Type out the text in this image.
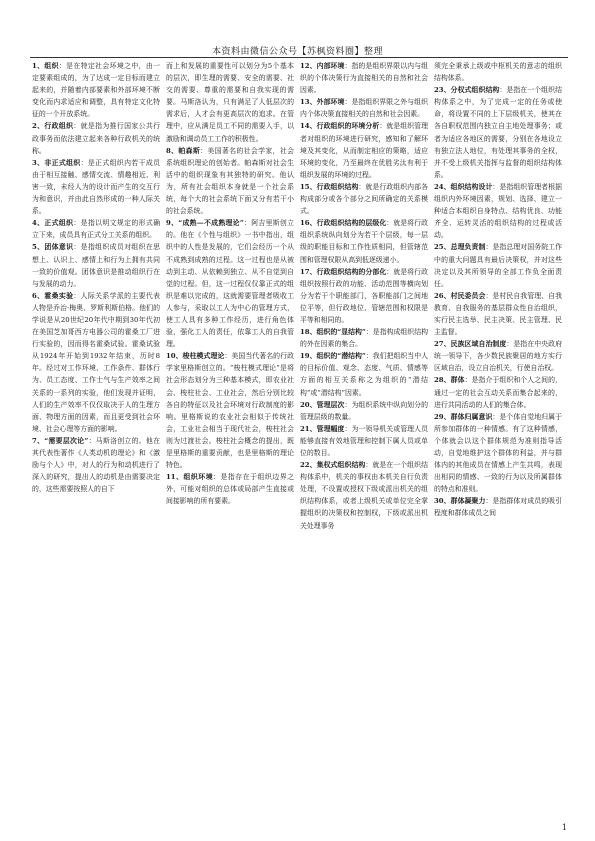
本资料由微信公众号【苏枫资料圈】整理

1、组织：是在特定社会环境之中，由一定要素组成的，为了达成一定目标而建立起来的，并随着内部要素和外部环境不断变化而内求适应和调整，具有特定文化特征的一个开放系统。

2、行政组织：就是指为推行国家公共行政事务而依法建立起来各种行政机关的统称。

3、非正式组织：是正式组织内若干成员由于相互接触、感情交流、情趣相近、利害一致，未经人为的设计而产生的交互行为和意识，并由此自然形成的一种人际关系。

4、正式组织：是指以明文规定的形式确立下来，成员具有正式分工关系的组织。

5、团体意识：是指组织成员对组织在思想上、认识上、感情上和行为上拥有共同一致的价值观。团体意识是推动组织行在与发展的动力。

6、霍桑实验：人际关系学派的主要代表人物是乔治·梅奥、罗斯利斯伯格。他们的学说是从20世纪20年代中期到30年代初在美国芝加哥西方电器公司的霍桑工厂进行实验的，因而得名霍桑试验。霍桑试验从1924年开始到1932年结束，历时8年。经过对工作环境、工作条件、群体行为、员工态度、工作士气与生产效率之间关系的一系列的实验，他们发现并证明，人们的生产效率不仅仅取决于人的生理方面、物理方面的因素，而且更受到社会环境、社会心理等方面的影响。

7、“需要层次论”：马斯洛创立的。他在其代表性著作《人类动机的理论》和《激励与个人》中，对人的行为和动机进行了深入的研究，提出人的动机是由需要决定的，这些需要按照人的自下

而上和发展的重要性可以划分为5个基本的层次，即生理的需要、安全的需要、社交的需要、尊重的需要和自我实现的需要。马斯洛认为，只有满足了人低层次的需求后，人才会有更高层次的追求。在管理中，应从满足员工不同的需要入手，以激励和调动员工工作的积极性。

8、帕森斯：美国著名的社会学家，社会系统组织理论的创始者。帕森斯对社会生活中的组织现象有其独特的研究。他认为，所有社会组织本身就是一个社会系统，每个大的社会系统下面又分有若干小的社会系统。

9、“成熟—不成熟理论”：阿吉里斯创立的。他在《个性与组织》一书中指出，组织中的人性是发展的，它们会经历一个从不成熟到成熟的过程。这一过程也是从被动到主动、从依赖到独立、从不自觉到自觉的过程。但，这一过程仅仅靠正式的组织是难以完成的，这就需要管理者吸收工人参与，采取以工人为中心的管理方式，使工人具有多种工作经历，进行角色体验，强化工人的责任，依靠工人的自我管理。

10、梭柱模式理论：美国当代著名的行政学家里格斯创立的。“梭柱模式理论”是将社会形态划分为三种基本模式，即农业社会、梭柱社会、工业社会，然后分别比较各自的特征以及社会环境对行政制度的影响。里格斯说的农业社会相似于传统社会，工业社会相当于现代社会，梭柱社会则为过渡社会。梭柱社会概念的提出，既是里格斯的重要贡献，也是里格斯的理论特色。

11、组织环境：是指存在于组织边界之外，可能对组织的总体或局部产生直接或间接影响的所有要素。

12、内部环境：指的是组织界限以内与组织的个体决策行为直接相关的自然和社会因素。

13、外部环境：是指组织界限之外与组织内个体决策直接相关的自然和社会因素。

14、行政组织的环境分析：就是组织管理者对组织的环境进行研究，感知和了解环境及其变化，从而制定相应的策略，适应环境的变化，乃至最终在优胜劣汰有利于组织发展的环境的过程。

15、行政组织结构：就是行政组织内部各构成部分或各个部分之间所确定的关系模式。

16、行政组织结构的层级化：就是将行政组织系统纵向划分为若干个层级，每一层级的职能目标和工作性质相同，但管辖范围和管理权限从高到低逐级递小。

17、行政组织结构的分部化：就是将行政组织按照行政的功能、活动范围等横向划分为若干个职能部门，各职能部门之间地位平等，但行政地位、管辖范围和权限是平等和相同的。

18、组织的“显结构”：是指构成组织结构的外在因素的集合。

19、组织的“潜结构”：我们把组织当中人的目标价值、观念、态度、气质、情感等方面的相互关系称之为组织的“潜结构”或“潜结构”因素。

20、管理层次：为组织系统中纵向划分的管理层级的数量。

21、管理幅度：为一领导机关或管理人员能够直接有效地管理和控制下属人员或单位的数目。

22、集权式组织结构：就是在一个组织结构体系中，机关的事权由本机关自行负责处理，不设置或授权下级或派出机关的组织结构体系，或者上级机关或单位完全掌握组织的决策权和控制权，下级或派出机关处理事务

须完全秉承上级或中枢机关的意志的组织结构体系。

23、分权式组织结构：是指在一个组织结构体系之中，为了完成一定的任务或使命，将设置不同的上下层级机关，使其在各自职权范围内独立自主地处理事务；或者为适应各地区的需要，分别在各地设立有独立法人地位，有处理其事务的全权，并不受上级机关指挥与监督的组织结构体系。

24、组织结构设计：是指组织管理者根据组织内外环境因素，规划、选择、建立一种适合本组织自身特点、结构优良、功能齐全、运转灵活的组织结构的过程或活动。

25、总理负责制：是指总理对国务院工作中的重大问题具有最后决策权，并对这些决定以及其所领导的全部工作负全面责任。

26、村民委员会：是村民自我管理、自我教育、自我服务的基层群众性自治组织，实行民主选举、民主决策、民主管理、民主监督。

27、民族区域自治制度：是指在中央政府统一领导下，各少数民族聚居的地方实行区域自治，设立自治机关，行使自治权。

28、群体：是指介于组织和个人之间的，通过一定的社会互动关系而集合起来的，进行共同活动的人们的集合体。

29、群体归属意识：是个体自觉地归属于所参加群体的一种情感。有了这种情感，个体就会以这个群体规范为准则指导活动，自觉地维护这个群体的利益，并与群体内的其他成员在情感上产生共鸣，表现出相同的情感、一致的行为以及所属群体的特点和准则。

30、群体凝聚力：是指群体对成员的吸引程度和群体成员之间

1
